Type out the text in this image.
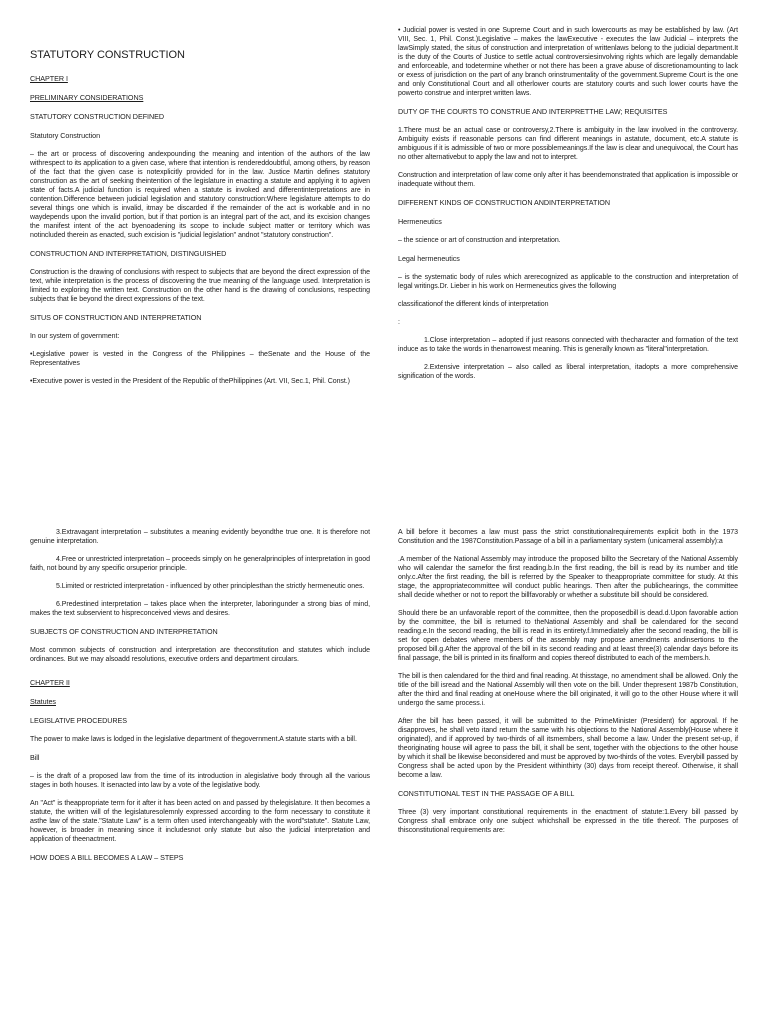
STATUTORY CONSTRUCTION

CHAPTER I

PRELIMINARY CONSIDERATIONS

STATUTORY CONSTRUCTION DEFINED

Statutory Construction

– the art or process of discovering andexpounding the meaning and intention of the authors of the law withrespect to its application to a given case, where that intention is rendereddoubtful, among others, by reason of the fact that the given case is notexplicitly provided for in the law. Justice Martin defines statutory construction as the art of seeking theintention of the legislature in enacting a statute and applying it to agiven state of facts.A judicial function is required when a statute is invoked and differentinterpretations are in contention.Difference between judicial legislation and statutory construction:Where legislature attempts to do several things one which is invalid, itmay be discarded if the remainder of the act is workable and in no waydepends upon the invalid portion, but if that portion is an integral part of the act, and its excision changes the manifest intent of the act byenoadening its scope to include subject matter or territory which was notincluded therein as enacted, such excision is "judicial legislation" andnot "statutory construction".

CONSTRUCTION AND INTERPRETATION, DISTINGUISHED

Construction is the drawing of conclusions with respect to subjects that are beyond the direct expression of the text, while interpretation is the process of discovering the true meaning of the language used. Interpretation is limited to exploring the written text. Construction on the other hand is the drawing of conclusions, respecting subjects that lie beyond the direct expressions of the text.

SITUS OF CONSTRUCTION AND INTERPRETATION

In our system of government:

•Legislative power is vested in the Congress of the Philippines – theSenate and the House of the Representatives

•Executive power is vested in the President of the Republic of thePhilippines (Art. VII, Sec.1, Phil. Const.)

• Judicial power is vested in one Supreme Court and in such lowercourts as may be established by law. (Art VIII, Sec. 1, Phil. Const.)Legislative – makes the lawExecutive - executes the law Judicial – interprets the lawSimply stated, the situs of construction and interpretation of writtenlaws belong to the judicial department.It is the duty of the Courts of Justice to settle actual controversiesinvolving rights which are legally demandable and enforceable, and todetermine whether or not there has been a grave abuse of discretionamounting to lack or exess of jurisdiction on the part of any branch orinstrumentality of the government.Supreme Court is the one and only Constitutional Court and all otherlower courts are statutory courts and such lower courts have the powerto construe and interpret written laws.

DUTY OF THE COURTS TO CONSTRUE AND INTERPRETTHE LAW; REQUISITES

1.There must be an actual case or controversy,2.There is ambiguity in the law involved in the controversy. Ambiguity exists if reasonable persons can find different meanings in astatute, document, etc.A statute is ambiguous if it is admissible of two or more possiblemeanings.If the law is clear and unequivocal, the Court has no other alternativebut to apply the law and not to interpret.

Construction and interpretation of law come only after it has beendemonstrated that application is impossible or inadequate without them.

DIFFERENT KINDS OF CONSTRUCTION ANDINTERPRETATION

Hermeneutics

– the science or art of construction and interpretation.

Legal hermeneutics

– is the systematic body of rules which arerecognized as applicable to the construction and interpretation of legal writings.Dr. Lieber in his work on Hermeneutics gives the following

classificationof the different kinds of interpretation

:

1.Close interpretation – adopted if just reasons connected with thecharacter and formation of the text induce as to take the words in thenarrowest meaning. This is generally known as "literal"interpretation.

2.Extensive interpretation – also called as liberal interpretation, itadopts a more comprehensive signification of the words.

3.Extravagant interpretation – substitutes a meaning evidently beyondthe true one. It is therefore not genuine interpretation.

4.Free or unrestricted interpretation – proceeds simply on he generalprinciples of interpretation in good faith, not bound by any specific orsuperior principle.

5.Limited or restricted interpretation - influenced by other principlesthan the strictly hermeneutic ones.

6.Predestined interpretation – takes place when the interpreter, laboringunder a strong bias of mind, makes the text subservient to hispreconceived views and desires.

SUBJECTS OF CONSTRUCTION AND INTERPRETATION

Most common subjects of construction and interpretation are theconstitution and statutes which include ordinances. But we may alsoadd resolutions, executive orders and department circulars.

CHAPTER II

Statutes

LEGISLATIVE PROCEDURES

The power to make laws is lodged in the legislative department of thegovernment.A statute starts with a bill.

Bill

– is the draft of a proposed law from the time of its introduction in alegislative body through all the various stages in both houses. It isenacted into law by a vote of the legislative body.

An "Act" is theappropriate term for it after it has been acted on and passed by thelegislature. It then becomes a statute, the written will of the legislaturesolemnly expressed according to the form necessary to constitute it asthe law of the state."Statute Law" is a term often used interchangeably with the word"statute". Statute Law, however, is broader in meaning since it includesnot only statute but also the judicial interpretation and application of theenactment.

HOW DOES A BILL BECOMES A LAW – STEPS

A bill before it becomes a law must pass the strict constitutionalrequirements explicit both in the 1973 Constitution and the 1987Constitution.Passage of a bill in a parliamentary system (unicameral assembly):a

.A member of the National Assembly may introduce the proposed billto the Secretary of the National Assembly who will calendar the samefor the first reading.b.In the first reading, the bill is read by its number and title only.c.After the first reading, the bill is referred by the Speaker to theappropriate committee for study. At this stage, the appropriatecommittee will conduct public hearings. Then after the publichearings, the committee shall decide whether or not to report the billfavorably or whether a substitute bill should be considered.

Should there be an unfavorable report of the committee, then the proposedbill is dead.d.Upon favorable action by the committee, the bill is returned to theNational Assembly and shall be calendared for the second reading.e.In the second reading, the bill is read in its entirety.f.Immediately after the second reading, the bill is set for open debates where members of the assembly may propose amendments andinsertions to the proposed bill.g.After the approval of the bill in its second reading and at least three(3) calendar days before its final passage, the bill is printed in its finalform and copies thereof distributed to each of the members.h.

The bill is then calendared for the third and final reading. At thisstage, no amendment shall be allowed. Only the title of the bill isread and the National Assembly will then vote on the bill. Under thepresent 1987b Constitution, after the third and final reading at oneHouse where the bill originated, it will go to the other House where it will undergo the same process.i.

After the bill has been passed, it will be submitted to the PrimeMinister (President) for approval. If he disapproves, he shall veto itand return the same with his objections to the National Assembly(House where it originated), and if approved by two-thirds of all itsmembers, shall become a law. Under the present set-up, if theoriginating house will agree to pass the bill, it shall be sent, together with the objections to the other house by which it shall be likewise beconsidered and must be approved by two-thirds of the votes. Everybill passed by Congress shall be acted upon by the President withinthirty (30) days from receipt thereof. Otherwise, it shall become a law.

CONSTITUTIONAL TEST IN THE PASSAGE OF A BILL

Three (3) very important constitutional requirements in the enactment of statute:1.Every bill passed by Congress shall embrace only one subject whichshall be expressed in the title thereof. The purposes of thisconstitutional requirements are:
